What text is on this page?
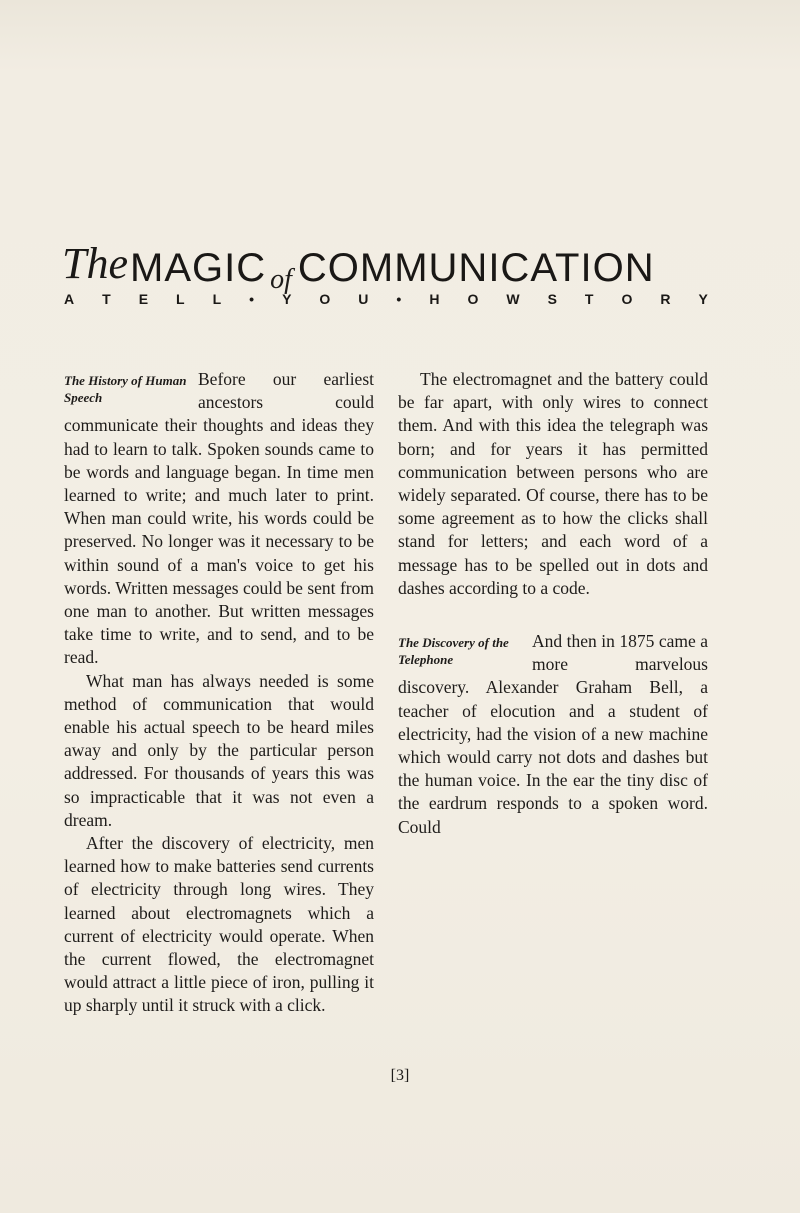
The MAGIC of COMMUNICATION
A T E L L • Y O U • H O W S T O R Y
The History of Human Speech

Before our earliest ancestors could communicate their thoughts and ideas they had to learn to talk. Spoken sounds came to be words and language began. In time men learned to write; and much later to print. When man could write, his words could be preserved. No longer was it necessary to be within sound of a man's voice to get his words. Written messages could be sent from one man to another. But written messages take time to write, and to send, and to be read.

What man has always needed is some method of communication that would enable his actual speech to be heard miles away and only by the particular person addressed. For thousands of years this was so impracticable that it was not even a dream.

After the discovery of electricity, men learned how to make batteries send currents of electricity through long wires. They learned about electromagnets which a current of electricity would operate. When the current flowed, the electromagnet would attract a little piece of iron, pulling it up sharply until it struck with a click.

The electromagnet and the battery could be far apart, with only wires to connect them. And with this idea the telegraph was born; and for years it has permitted communication between persons who are widely separated. Of course, there has to be some agreement as to how the clicks shall stand for letters; and each word of a message has to be spelled out in dots and dashes according to a code.

The Discovery of the Telephone

And then in 1875 came a more marvelous discovery. Alexander Graham Bell, a teacher of elocution and a student of electricity, had the vision of a new machine which would carry not dots and dashes but the human voice. In the ear the tiny disc of the eardrum responds to a spoken word. Could

[3]
